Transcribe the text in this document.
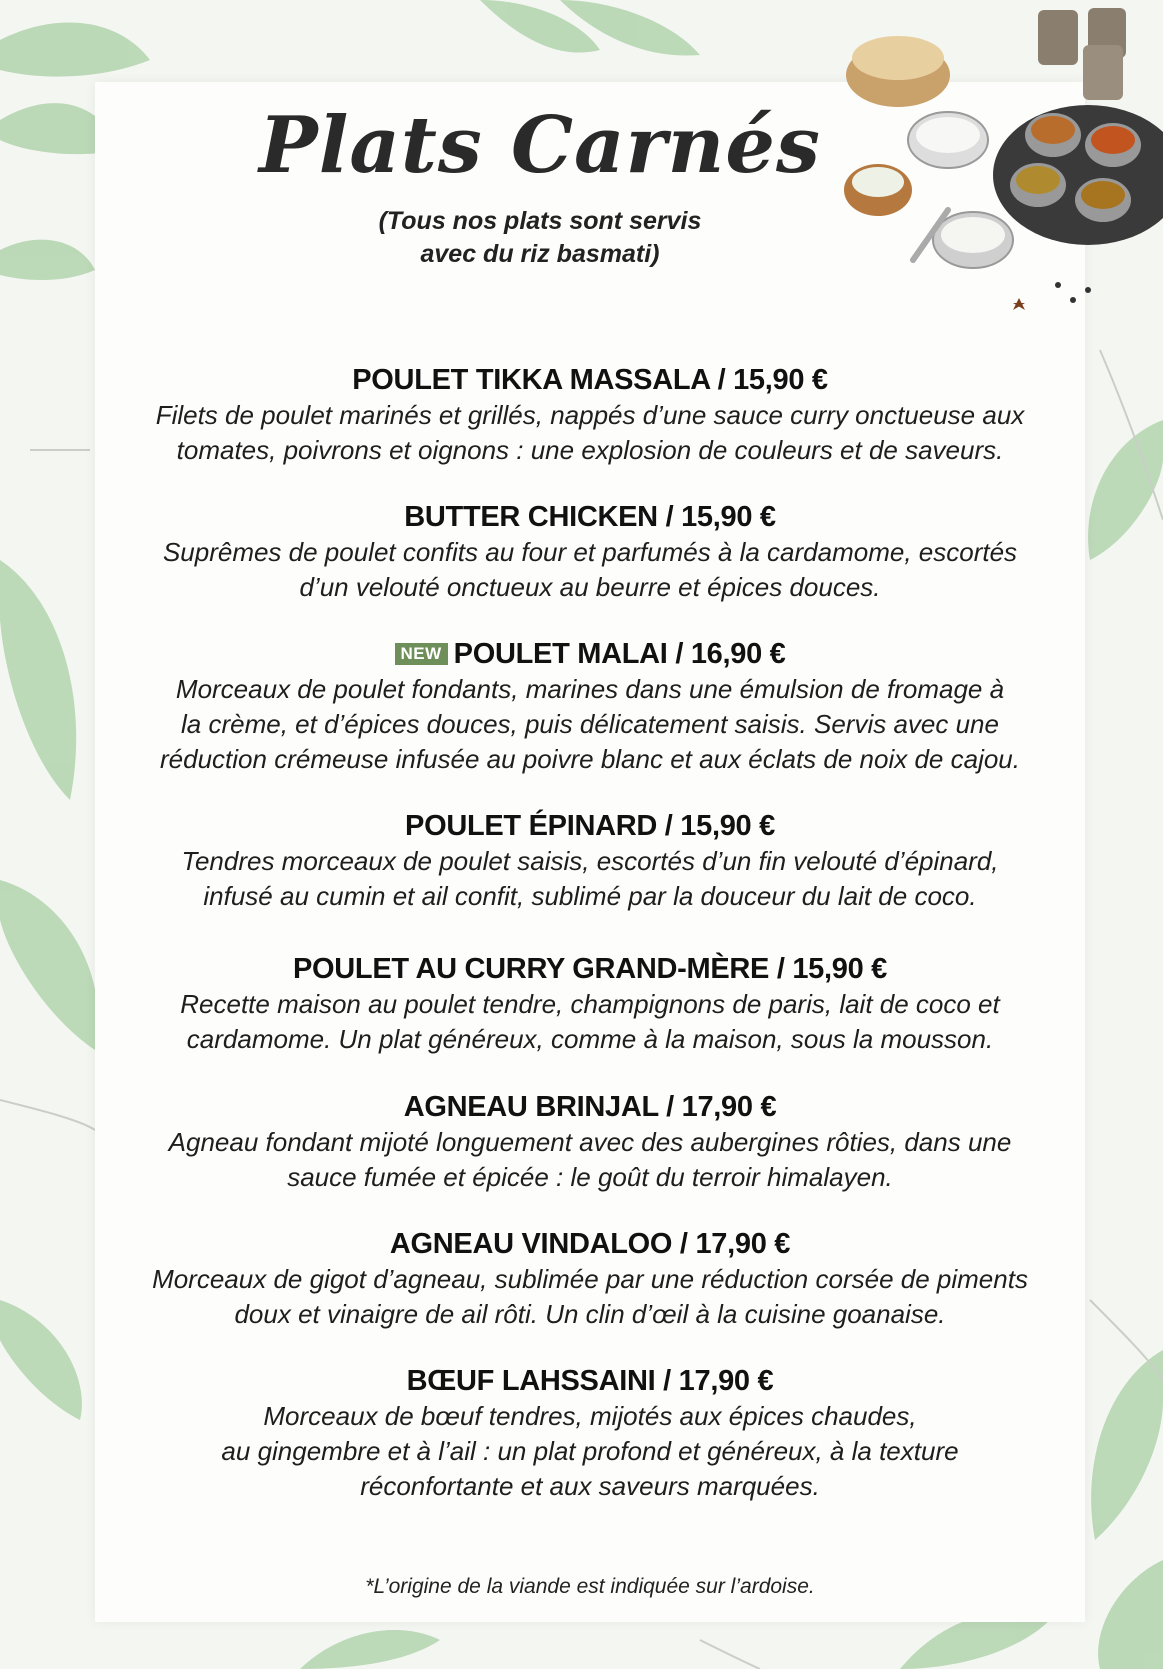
Plats Carnés
(Tous nos plats sont servis
avec du riz basmati)
POULET TIKKA MASSALA / 15,90 €
Filets de poulet marinés et grillés, nappés d’une sauce curry onctueuse aux
tomates, poivrons et oignons : une explosion de couleurs et de saveurs.
BUTTER CHICKEN / 15,90 €
Suprêmes de poulet confits au four et parfumés à la cardamome, escortés
d’un velouté onctueux au beurre et épices douces.
NEW POULET MALAI / 16,90 €
Morceaux de poulet fondants, marines dans une émulsion de fromage à
la crème, et d’épices douces, puis délicatement saisis. Servis avec une
réduction crémeuse infusée au poivre blanc et aux éclats de noix de cajou.
POULET ÉPINARD / 15,90 €
Tendres morceaux de poulet saisis, escortés d’un fin velouté d’épinard,
infusé au cumin et ail confit, sublimé par la douceur du lait de coco.
POULET AU CURRY GRAND-MÈRE / 15,90 €
Recette maison au poulet tendre, champignons de paris, lait de coco et
cardamome. Un plat généreux, comme à la maison, sous la mousson.
AGNEAU BRINJAL / 17,90 €
Agneau fondant mijoté longuement avec des aubergines rôties, dans une
sauce fumée et épicée : le goût du terroir himalayen.
AGNEAU VINDALOO / 17,90 €
Morceaux de gigot d’agneau, sublimée par une réduction corsée de piments
doux et vinaigre de ail rôti. Un clin d’œil à la cuisine goanaise.
BŒUF LAHSSAINI / 17,90 €
Morceaux de bœuf tendres, mijotés aux épices chaudes,
au gingembre et à l’ail : un plat profond et généreux, à la texture
réconfortante et aux saveurs marquées.
*L’origine de la viande est indiquée sur l’ardoise.
